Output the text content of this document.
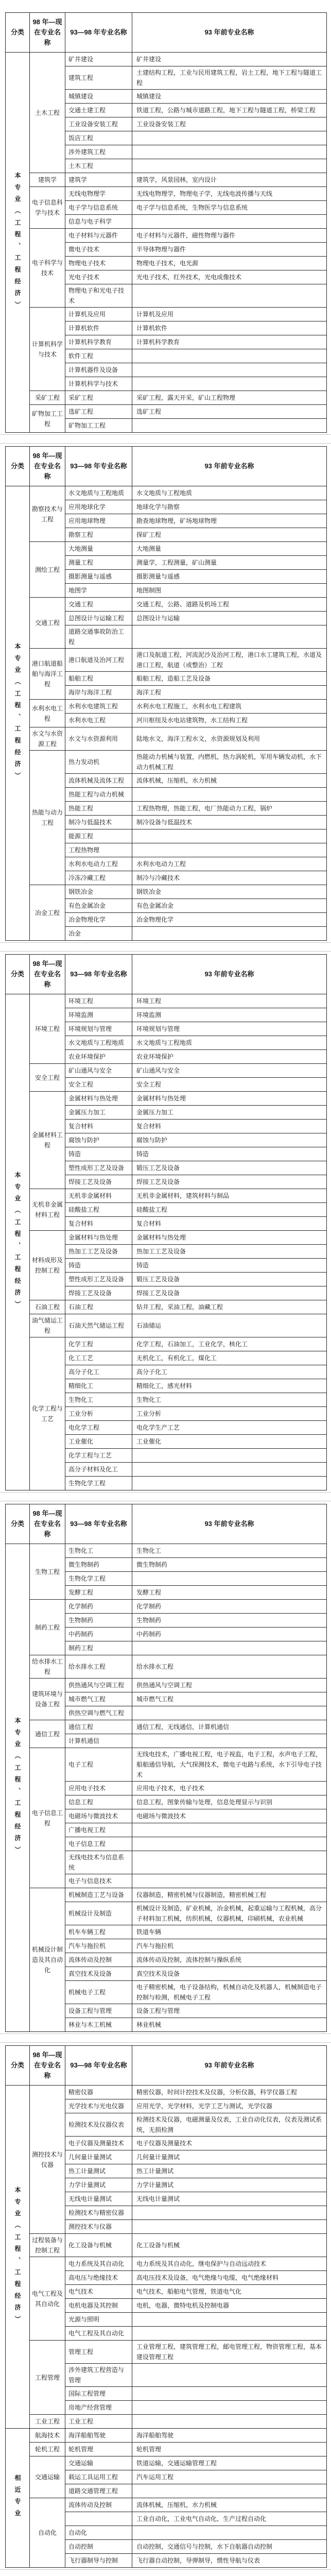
分类	98 年—现在专业名称	93—98 年专业名称	93 年前专业名称
本专业（工程、工程经济）	土木工程	矿井建设	矿井建设
		建筑工程	土建结构工程，工业与民用建筑工程，岩土工程，地下工程与隧道工程
		城镇建设	城镇建设
		交通土建工程	铁道工程，公路与城市道路工程，地下工程与隧道工程，桥梁工程
		工业设备安装工程	工业设备安装工程
		饭店工程	
		涉外建筑工程	
		土木工程	
	建筑学	建筑学	建筑学，风景园林，室内设计
	电子信息科学与技术	无线电物理学	无线电物理学，物理电子学，无线电波传播与天线
		电子学与信息系统	电子学与信息系统，生物医学与信息系统
		信息与电子科学	
	电子科学与技术	电子材料与元器件	电子材料与元器件，磁性物理与器件
		微电子技术	半导体物理与器件
		物理电子技术	物理电子技术，电光源
		光电子技术	光电子技术，红外技术，光电成像技术
		物理电子和光电子技术	
	计算机科学与技术	计算机及应用	计算机及应用
		计算机软件	计算机软件
		计算机科学教育	计算机科学教育
		软件工程	
		计算机器件及设备	
		计算机科学与技术	
	采矿工程	采矿工程	采矿工程，露天开采，矿山工程物理
	矿物加工工程	选矿工程	选矿工程
		矿物加工工程	
分类	98 年—现在专业名称	93—98 年专业名称	93 年前专业名称
本专业（工程、工程经济）	勘察技术与工程	水文地质与工程地质	水文地质与工程地质
		应用地球化学	地球化学与勘察
		应用地球物理	勘查地球物理，矿场地球物理
		勘察工程	探矿工程
	测绘工程	大地测量	大地测量
		测量工程	测量学，工程测量，矿山测量
		摄影测量与遥感	摄影测量与遥感
		地图学	地图制图
	交通工程	交通工程	交通工程，公路、道路及机场工程
		总图设计与运输工程	总图设计与运输
		道路交通事故防治工程	
	港口航道船舶与海洋工程	港口航道及治河工程	港口及航道工程，河流泥沙及治河工程，港口水工建筑工程，水道及港口工程，航道（或整治）工程
		船舶工程	船舶工程，造船工艺及设备
		海岸与海洋工程	海洋工程
	水利水电工程	水利水电建筑工程	水利水电工程施工，水利水电工程建筑
		水利水电工程	河川枢纽及水电站建筑物，水工结构工程
	水文与水资源工程	水文与水资源利用	陆地水文，海洋工程水文，水资源规划及利用
	热能与动力工程	热力发动机	热能动力机械与装置，内燃机，热力涡轮机，军用车辆发动机，水下动力机械工程
		流体机械及流体工程	流体机械，压缩机，水力机械
		热能工程与动力机械	
		热能工程	工程热物理，热能工程，电厂热能动力工程，锅炉
		制冷与低温技术	制冷设备与低温技术
		能源工程	
		工程热物理	
		水利水电动力工程	水利水电动力工程
		冷冻冷藏工程	制冷与冷藏技术
	冶金工程	钢铁冶金	钢铁冶金
		有色金属冶金	有色金属冶金
		冶金物理化学	冶金物理化学
		冶金	
分类	98 年—现在专业名称	93—98 年专业名称	93 年前专业名称
本专业（工程、工程经济）	环境工程	环境工程	环境工程
		环境监测	环境监测
		环境规划与管理	环境规划与管理
		水文地质与工程地质	水文地质与工程地质
		农业环境保护	农业环境保护
	安全工程	矿山通风与安全	矿山通风与安全
		安全工程	安全工程
	金属材料工程	金属材料与热处理	金属材料与热处理
		金属压力加工	金属压力加工
		复合材料	复合材料
		腐蚀与防护	腐蚀与防护
		铸造	铸造
		塑性成形工艺及设备	锻压工艺及设备
		焊接工艺及设备	焊接工艺及设备
	无机非金属材料工程	无机非金属材料	无机非金属材料，建筑材料与制品
		硅酸盐工程	硅酸盐工程
		复合材料	复合材料
	材料成形及控制工程	金属材料与热处理	金属材料与热处理
		热加工工艺及设备	热加工工艺及设备
		铸造	铸造
		塑性成形工艺及设备	锻压工艺及设备
		焊接工艺及设备	焊接工艺及设备
	石油工程	石油工程	钻井工程，采油工程，油藏工程
	油气储运工程	石油天然气储运工程	石油储运
	化学工程与工艺	化学工程	化学工程，石油加工，工业化学，核化工
		化工工艺	无机化工，有机化工，煤化工
		高分子化工	高分子化工
		精细化工	精细化工，感光材料
		生物化工	生物化工
		工业分析	工业分析
		电化学工程	电化学生产工艺
		工业催化	工业催化
		化学工程与工艺	
		高分子材料及化工	
		生物化学工程	
分类	98 年—现在专业名称	93—98 年专业名称	93 年前专业名称
本专业（工程、工程经济）	生物工程	生物化工	生物化工
		微生物制药	微生物制药
		生物化学工程	
		发酵工程	发酵工程
	制药工程	化学制药	化学制药
		生物制药	生物制药
		中药制药	中药制药
		制药工程	
	给水排水工程	给水排水工程	给水排水工程
	建筑环境与设备工程	供热通风与空调工程	供热通风与空调工程
		城市燃气工程	城市燃气工程
		供热空调与燃气工程	
	通信工程	通信工程	通信工程，无线通信，计算机通信
		计算机通信	
	电子信息工程	电子工程	无线电技术，广播电视工程，电子视监，电子工程，水声电子工程，船舶通信导航，大气探测技术，微电子电路与系统，水下引导电子技术
		应用电子技术	应用电子技术，电子技术
		信息工程	信息工程，图象传输与处理，信息处理显示与识别
		电磁场与微波技术	电磁场与微波技术
		广播电视工程	
		电子信息工程	
		无线电技术与信息系统	
		电子与信息技术	
	机械设计制造及其自动化	机械制造工艺与设备	仪器制造，精密机械与仪器制造，精密机械工程
		机械设计及制造	机械设计及制造，矿业机械，冶金机械，起重运输与工程机械，高分子材料加工机械，纺织机械，仪器机械，印刷机械，农业机械
		机车车辆工程	铁道车辆
		汽车与拖拉机	汽车与拖拉机
		流体传动及控制	流体传动及控制，流体控制与操纵系统
		真空技术及设备	真空技术及设备
		机械电子工程	电子精密机械，电子设备结构，机械自动化及机器人，机械制造电子控制与检测，机械电子工程
		设备工程与管理	设备工程与管理
		林业与木工机械	林业机械
分类	98 年—现在专业名称	93—98 年专业名称	93 年前专业名称
本专业（工程、工程经济）	测控技术与仪器	精密仪器	精密仪器，时间计控技术及仪器，分析仪器，科学仪器工程
		光学技术与光电仪器	应用光学，光学材料，光学工艺与测试，光学仪器
		检测技术及仪器仪表	检测技术及仪器，电磁测量及仪表，工业自动化仪表，仪表及测试系统，无损检测
		电子仪器及测量技术	电子仪器及测量技术
		几何量计量测试	几何量计量测试
		热工计量测试	热工计量测试
		力学计量测试	力学计量测试
		无线电计量测试	无线电计量测试
		检测技术与精密仪器	
		测控技术与仪器	
	过程装备与控制工程	化工设备与机械	化工设备与机械
	电气工程及其自动化	电力系统及其自动化	电力系统及其自动化，继电保护与自动远动技术
		高电压与绝缘技术	高电压技术及设备，电气绝缘与电缆，电气绝缘材料
		电气技术	电气技术，船舶电气管理，铁道电气化
		电机电器及其控制	电机，电器，微特电机及控制电器
		光源与照明	
		电气工程及其自动化	
	工程管理	管理工程	工业管理工程，建筑管理工程，邮电管理工程，物资管理工程，基本建设管理工程
		涉外建筑工程营造与管理	
		国际工程管理	
		房地产经营管理	
	工业工程	工业工程	
相近专业	航海技术	海洋船舶驾驶	海洋船舶驾驶
	轮机工程	轮机管理	轮机管理
	交通运输	交通运输	铁道运输，交通运输管理工程
		载运工具运用工程	汽车运用工程
		道路交通管理工程	
	自动化	流体传动及控制	流体机械，压缩机，水力机械
			工业自动化，工业电气自动化，生产过程自动化
		自动化	
		自动控制	自动控制，交通信号与控制，水下自航器自动控制
		飞行器制导与控制	飞行器自动控制，导弹制导，惯性导航与仪表
